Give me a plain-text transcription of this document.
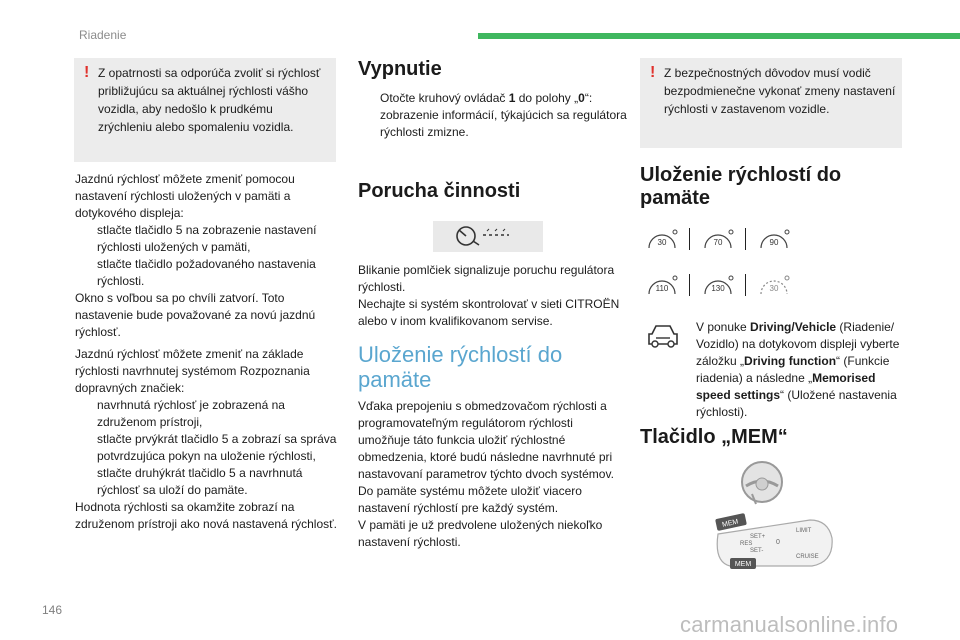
Riadenie
! Z opatrnosti sa odporúča zvoliť si rýchlosť približujúcu sa aktuálnej rýchlosti vášho vozidla, aby nedošlo k prudkému zrýchleniu alebo spomaleniu vozidla.

Jazdnú rýchlosť môžete zmeniť pomocou nastavení rýchlosti uložených v pamäti a dotykového displeja:

stlačte tlačidlo 5 na zobrazenie nastavení rýchlosti uložených v pamäti,
stlačte tlačidlo požadovaného nastavenia rýchlosti.

Okno s voľbou sa po chvíli zatvorí. Toto nastavenie bude považované za novú jazdnú rýchlosť.

Jazdnú rýchlosť môžete zmeniť na základe rýchlosti navrhnutej systémom Rozpoznania dopravných značiek:

navrhnutá rýchlosť je zobrazená na združenom prístroji,
stlačte prvýkrát tlačidlo 5 a zobrazí sa správa potvrdzujúca pokyn na uloženie rýchlosti,
stlačte druhýkrát tlačidlo 5 a navrhnutá rýchlosť sa uloží do pamäte.

Hodnota rýchlosti sa okamžite zobrazí na združenom prístroji ako nová nastavená rýchlosť.

Vypnutie
Otočte kruhový ovládač 1 do polohy „0“: zobrazenie informácií, týkajúcich sa regulátora rýchlosti zmizne.
Porucha činnosti

Blikanie pomlčiek signalizuje poruchu regulátora rýchlosti.

Nechajte si systém skontrolovať v sieti CITROËN alebo v inom kvalifikovanom servise.

Uloženie rýchlostí do pamäte

Vďaka prepojeniu s obmedzovačom rýchlosti a programovateľným regulátorom rýchlosti umožňuje táto funkcia uložiť rýchlostné obmedzenia, ktoré budú následne navrhnuté pri nastavovaní parametrov týchto dvoch systémov.

Do pamäte systému môžete uložiť viacero nastavení rýchlostí pre každý systém.

V pamäti je už predvolene uložených niekoľko nastavení rýchlosti.

! Z bezpečnostných dôvodov musí vodič bezpodmienečne vykonať zmeny nastavení rýchlosti v zastavenom vozidle.
Uloženie rýchlostí do pamäte
30	70	90
110	130	30
V ponuke Driving/Vehicle (Riadenie/ Vozidlo) na dotykovom displeji vyberte záložku „Driving function“ (Funkcie riadenia) a následne „Memorised speed settings“ (Uložené nastavenia rýchlosti).
Tlačidlo „MEM“
MEM
SET+
SET-
0
CRUISE
LIMIT
RES
MEM
146
carmanualsonline.info
